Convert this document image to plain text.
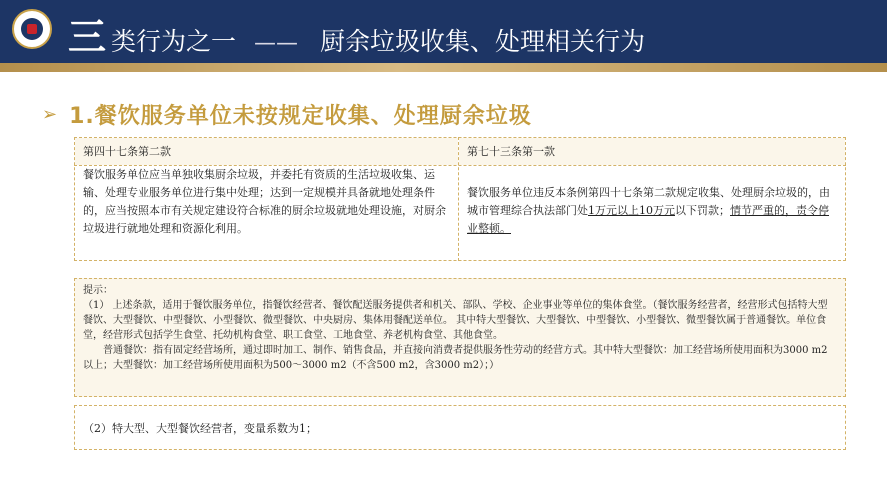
三 类行为之一 —— 厨余垃圾收集、处理相关行为
➢ 1.餐饮服务单位未按规定收集、处理厨余垃圾
第四十七条第二款	第七十三条第一款
餐饮服务单位应当单独收集厨余垃圾，并委托有资质的生活垃圾收集、运输、处理专业服务单位进行集中处理；达到一定规模并具备就地处理条件的，应当按照本市有关规定建设符合标准的厨余垃圾就地处理设施，对厨余垃圾进行就地处理和资源化利用。
餐饮服务单位违反本条例第四十七条第二款规定收集、处理厨余垃圾的，由城市管理综合执法部门处1万元以上10万元以下罚款；情节严重的，责令停业整顿。

提示：

（1） 上述条款，适用于餐饮服务单位，指餐饮经营者、餐饮配送服务提供者和机关、部队、学校、企业事业等单位的集体食堂。（餐饮服务经营者，经营形式包括特大型餐饮、大型餐饮、中型餐饮、小型餐饮、微型餐饮、中央厨房、集体用餐配送单位。 其中特大型餐饮、大型餐饮、中型餐饮、小型餐饮、微型餐饮属于普通餐饮。单位食堂，经营形式包括学生食堂、托幼机构食堂、职工食堂、工地食堂、养老机构食堂、其他食堂。

普通餐饮：指有固定经营场所，通过即时加工、制作、销售食品，并直接向消费者提供服务性劳动的经营方式。其中特大型餐饮：加工经营场所使用面积为3000 m2以上；大型餐饮：加工经营场所使用面积为500～3000 m2（不含500 m2，含3000 m2）；）

（2）特大型、大型餐饮经营者，变量系数为1；
